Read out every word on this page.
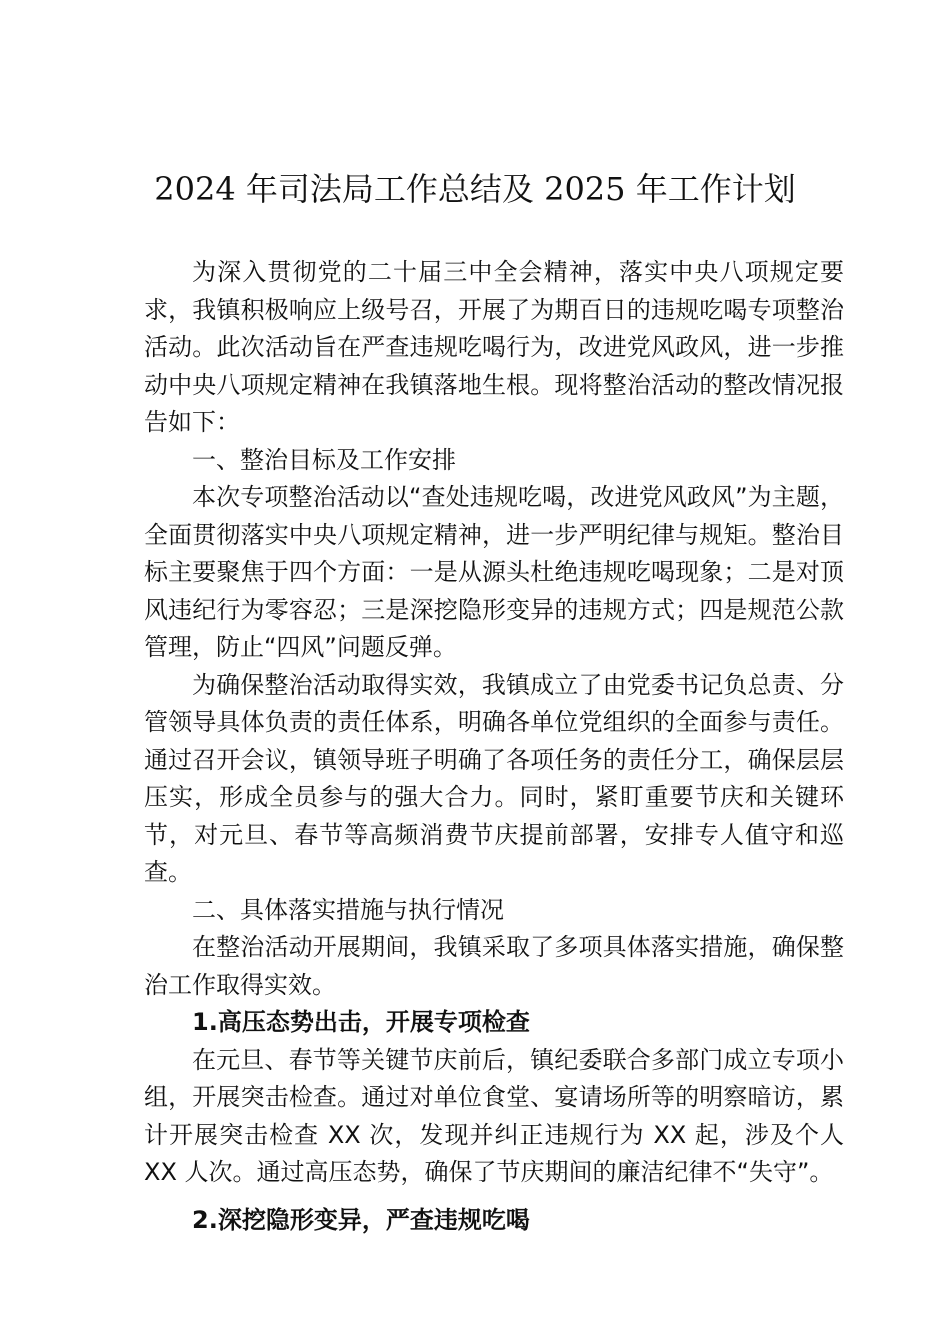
2024 年司法局工作总结及 2025 年工作计划

为深入贯彻党的二十届三中全会精神，落实中央八项规定要求，我镇积极响应上级号召，开展了为期百日的违规吃喝专项整治活动。此次活动旨在严查违规吃喝行为，改进党风政风，进一步推动中央八项规定精神在我镇落地生根。现将整治活动的整改情况报告如下：

一、整治目标及工作安排

本次专项整治活动以“查处违规吃喝，改进党风政风”为主题，全面贯彻落实中央八项规定精神，进一步严明纪律与规矩。整治目标主要聚焦于四个方面：一是从源头杜绝违规吃喝现象；二是对顶风违纪行为零容忍；三是深挖隐形变异的违规方式；四是规范公款管理，防止“四风”问题反弹。

为确保整治活动取得实效，我镇成立了由党委书记负总责、分管领导具体负责的责任体系，明确各单位党组织的全面参与责任。通过召开会议，镇领导班子明确了各项任务的责任分工，确保层层压实，形成全员参与的强大合力。同时，紧盯重要节庆和关键环节，对元旦、春节等高频消费节庆提前部署，安排专人值守和巡查。

二、具体落实措施与执行情况

在整治活动开展期间，我镇采取了多项具体落实措施，确保整治工作取得实效。

1.高压态势出击，开展专项检查

在元旦、春节等关键节庆前后，镇纪委联合多部门成立专项小组，开展突击检查。通过对单位食堂、宴请场所等的明察暗访，累计开展突击检查 XX 次，发现并纠正违规行为 XX 起，涉及个人 XX 人次。通过高压态势，确保了节庆期间的廉洁纪律不“失守”。

2.深挖隐形变异，严查违规吃喝
